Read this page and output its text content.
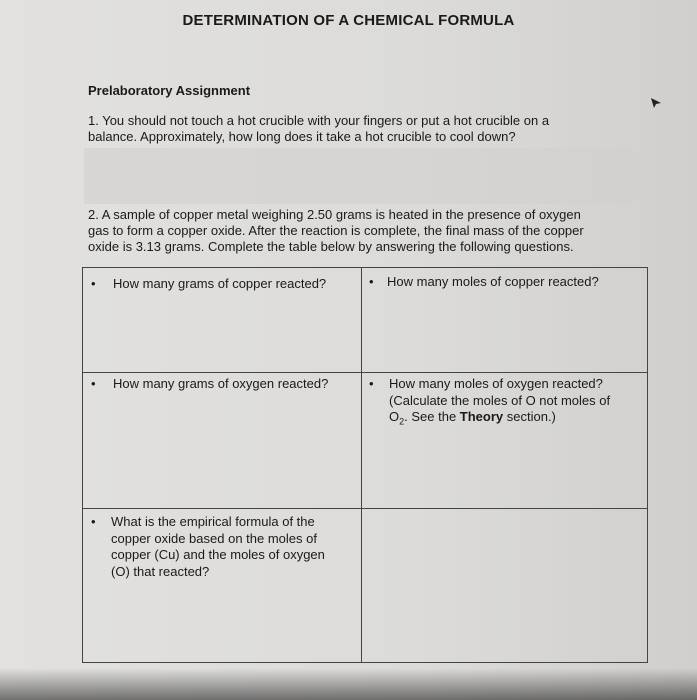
DETERMINATION OF A CHEMICAL FORMULA
Prelaboratory Assignment
1. You should not touch a hot crucible with your fingers or put a hot crucible on a
balance. Approximately, how long does it take a hot crucible to cool down?
2. A sample of copper metal weighing 2.50 grams is heated in the presence of oxygen
gas to form a copper oxide. After the reaction is complete, the final mass of the copper
oxide is 3.13 grams. Complete the table below by answering the following questions.
• How many grams of copper reacted?	• How many moles of copper reacted?
• How many grams of oxygen reacted?	• How many moles of oxygen reacted?
(Calculate the moles of O not moles of
$O_2$. See the Theory section.)
• What is the empirical formula of the
copper oxide based on the moles of
copper (Cu) and the moles of oxygen
(O) that reacted?
